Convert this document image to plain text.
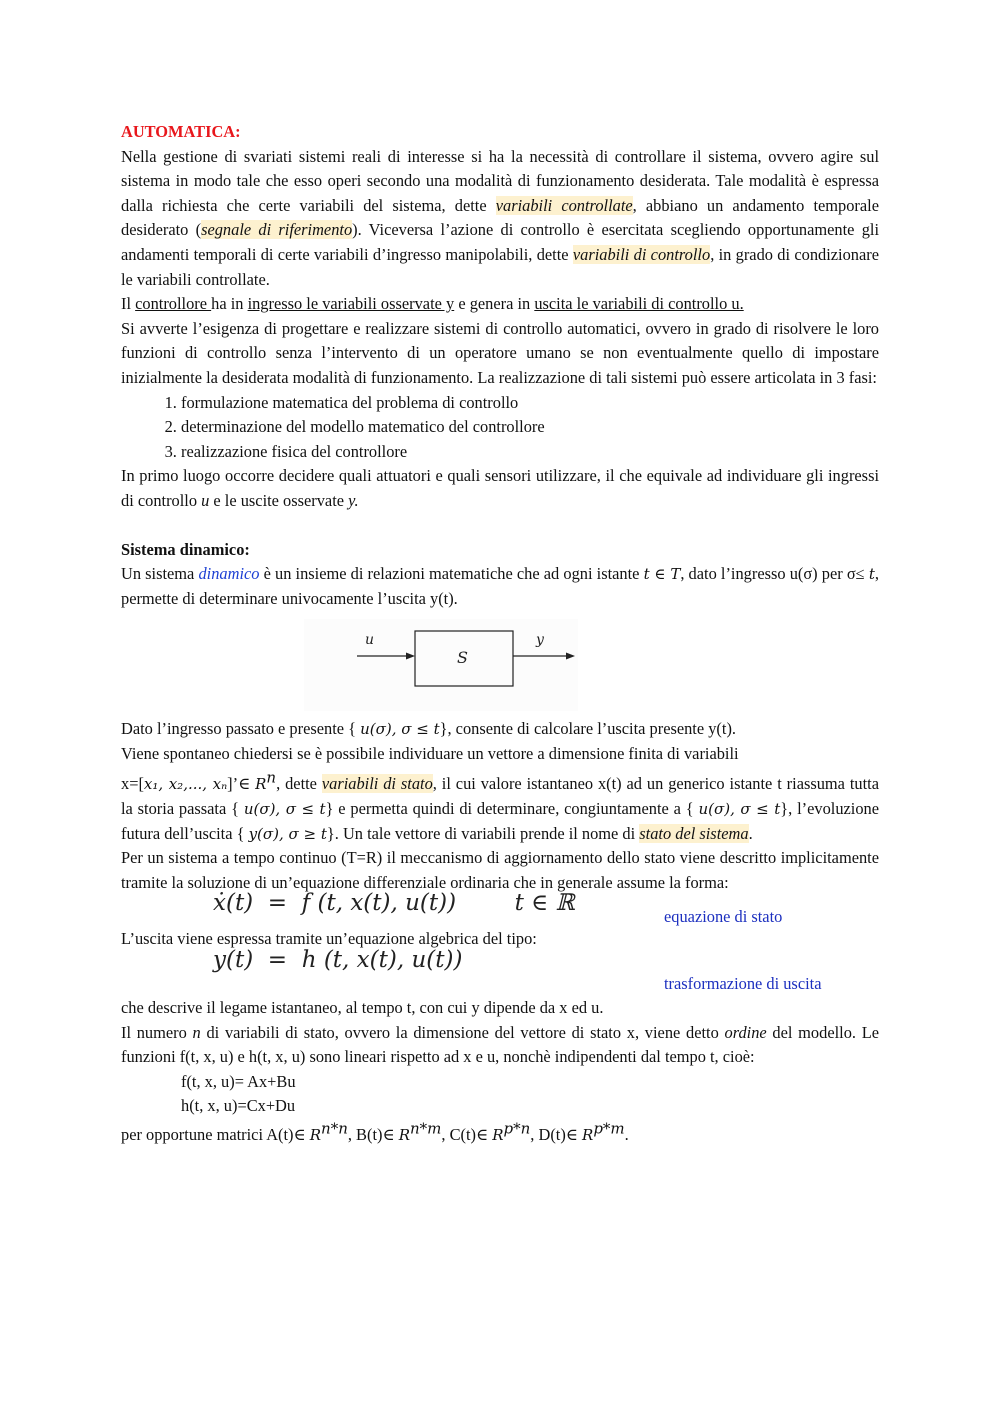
AUTOMATICA:

Nella gestione di svariati sistemi reali di interesse si ha la necessità di controllare il sistema, ovvero agire sul sistema in modo tale che esso operi secondo una modalità di funzionamento desiderata. Tale modalità è espressa dalla richiesta che certe variabili del sistema, dette variabili controllate, abbiano un andamento temporale desiderato (segnale di riferimento). Viceversa l’azione di controllo è esercitata scegliendo opportunamente gli andamenti temporali di certe variabili d’ingresso manipolabili, dette variabili di controllo, in grado di condizionare le variabili controllate.

Il controllore ha in ingresso le variabili osservate y e genera in uscita le variabili di controllo u.

Si avverte l’esigenza di progettare e realizzare sistemi di controllo automatici, ovvero in grado di risolvere le loro funzioni di controllo senza l’intervento di un operatore umano se non eventualmente quello di impostare inizialmente la desiderata modalità di funzionamento. La realizzazione di tali sistemi può essere articolata in 3 fasi:

1. formulazione matematica del problema di controllo
2. determinazione del modello matematico del controllore
3. realizzazione fisica del controllore

In primo luogo occorre decidere quali attuatori e quali sensori utilizzare, il che equivale ad individuare gli ingressi di controllo u e le uscite osservate y.

Sistema dinamico:

Un sistema dinamico è un insieme di relazioni matematiche che ad ogni istante t ∈ T, dato l’ingresso u(σ) per σ≤ t, permette di determinare univocamente l’uscita y(t).

u
S
y

Dato l’ingresso passato e presente { u(σ), σ ≤ t}, consente di calcolare l’uscita presente y(t).

Viene spontaneo chiedersi se è possibile individuare un vettore a dimensione finita di variabili

x=[x₁, x₂,..., xₙ]’∈ $R^n$, dette variabili di stato, il cui valore istantaneo x(t) ad un generico istante t riassuma tutta la storia passata { u(σ), σ ≤ t} e permetta quindi di determinare, congiuntamente a { u(σ), σ ≤ t}, l’evoluzione futura dell’uscita { y(σ), σ ≥ t}. Un tale vettore di variabili prende il nome di stato del sistema.

Per un sistema a tempo continuo (T=R) il meccanismo di aggiornamento dello stato viene descritto implicitamente tramite la soluzione di un’equazione differenziale ordinaria che in generale assume la forma:

ẋ(t)  =  f (t, x(t), u(t))        t ∈ ℝ
equazione di stato

L’uscita viene espressa tramite un’equazione algebrica del tipo:

y(t)  =  h (t, x(t), u(t))
trasformazione di uscita

che descrive il legame istantaneo, al tempo t, con cui y dipende da x ed u.

Il numero n di variabili di stato, ovvero la dimensione del vettore di stato x, viene detto ordine del modello. Le funzioni f(t, x, u) e h(t, x, u) sono lineari rispetto ad x e u, nonchè indipendenti dal tempo t, cioè:

f(t, x, u)= Ax+Bu

h(t, x, u)=Cx+Du

per opportune matrici A(t)∈ $R^{n*n}$, B(t)∈ $R^{n*m}$, C(t)∈ $R^{p*n}$, D(t)∈ $R^{p*m}$.
